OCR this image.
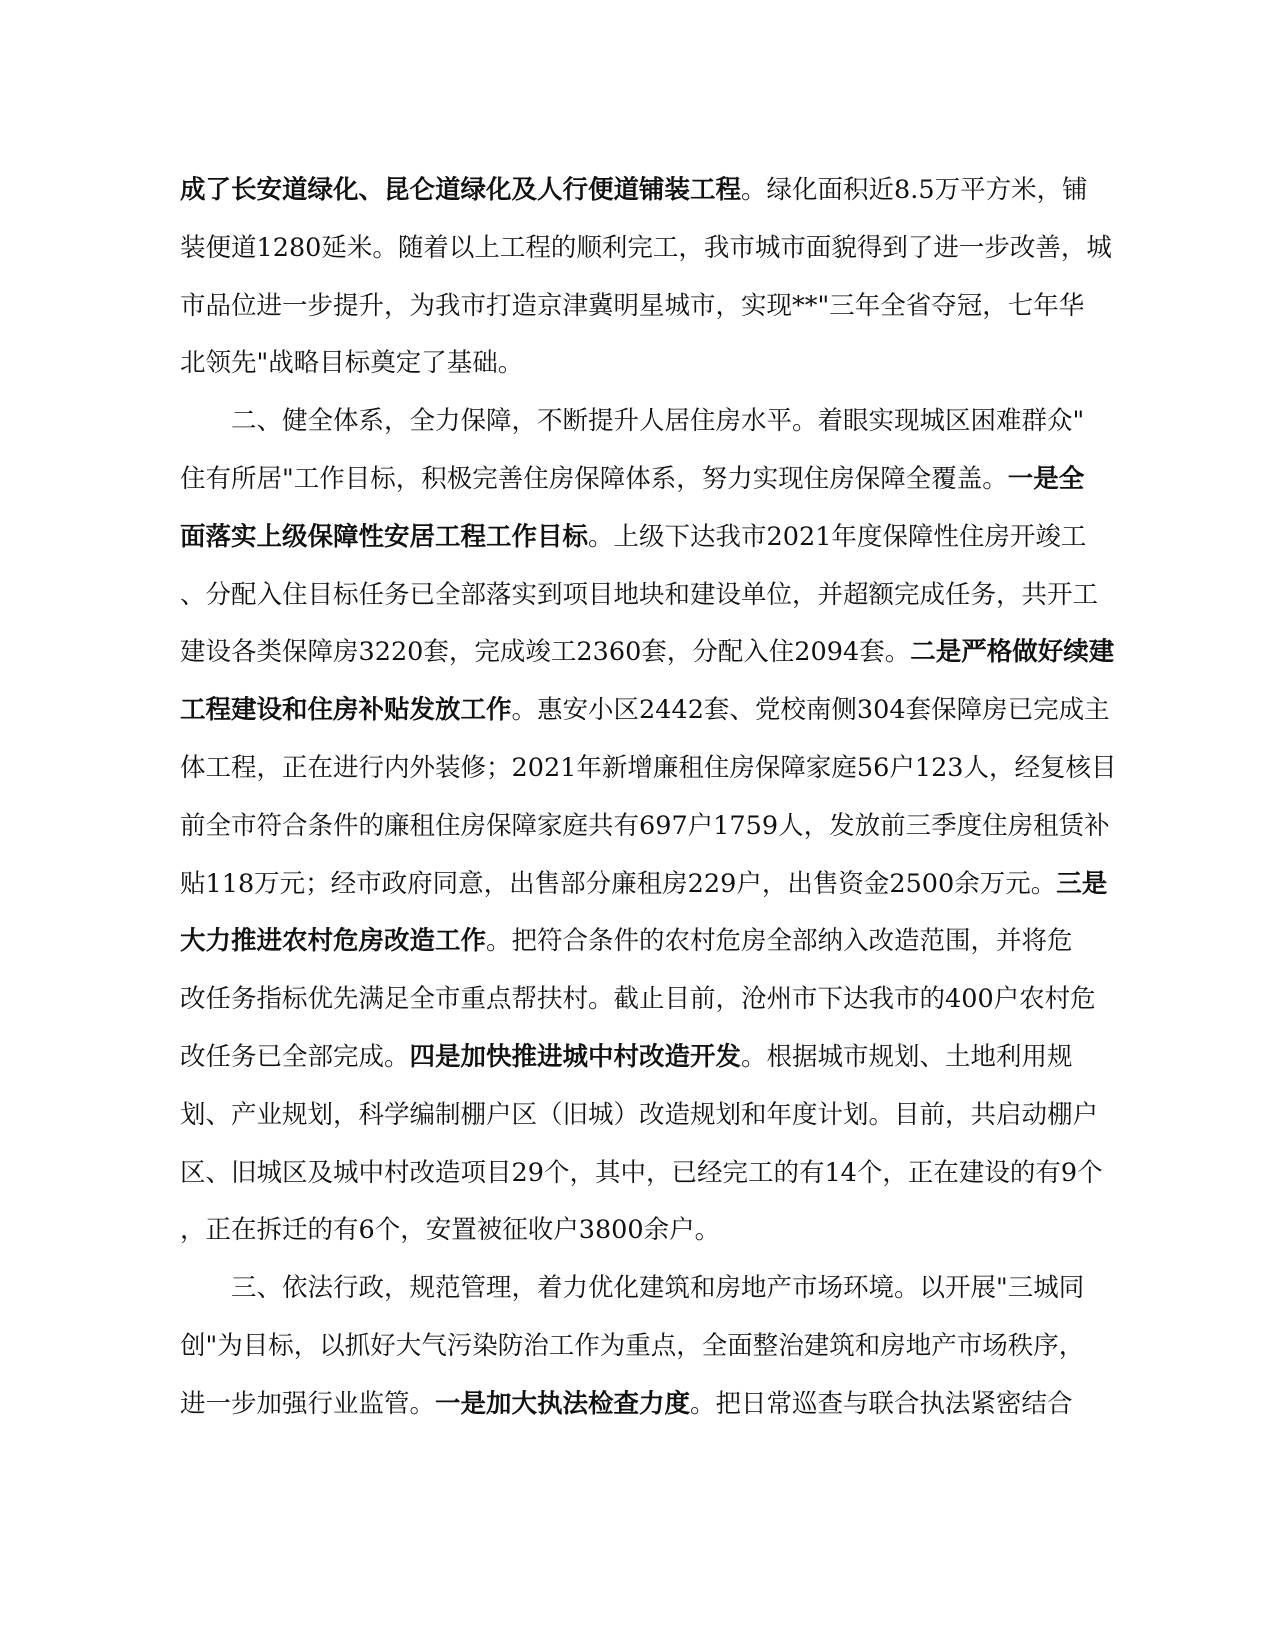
成了长安道绿化、昆仑道绿化及人行便道铺装工程。绿化面积近8.5万平方米，铺
装便道1280延米。随着以上工程的顺利完工，我市城市面貌得到了进一步改善，城
市品位进一步提升，为我市打造京津冀明星城市，实现**"三年全省夺冠，七年华
北领先"战略目标奠定了基础。
二、健全体系，全力保障，不断提升人居住房水平。着眼实现城区困难群众"
住有所居"工作目标，积极完善住房保障体系，努力实现住房保障全覆盖。一是全
面落实上级保障性安居工程工作目标。上级下达我市2021年度保障性住房开竣工
、分配入住目标任务已全部落实到项目地块和建设单位，并超额完成任务，共开工
建设各类保障房3220套，完成竣工2360套，分配入住2094套。二是严格做好续建
工程建设和住房补贴发放工作。惠安小区2442套、党校南侧304套保障房已完成主
体工程，正在进行内外装修；2021年新增廉租住房保障家庭56户123人，经复核目
前全市符合条件的廉租住房保障家庭共有697户1759人，发放前三季度住房租赁补
贴118万元；经市政府同意，出售部分廉租房229户，出售资金2500余万元。三是
大力推进农村危房改造工作。把符合条件的农村危房全部纳入改造范围，并将危
改任务指标优先满足全市重点帮扶村。截止目前，沧州市下达我市的400户农村危
改任务已全部完成。四是加快推进城中村改造开发。根据城市规划、土地利用规
划、产业规划，科学编制棚户区（旧城）改造规划和年度计划。目前，共启动棚户
区、旧城区及城中村改造项目29个，其中，已经完工的有14个，正在建设的有9个
，正在拆迁的有6个，安置被征收户3800余户。
三、依法行政，规范管理，着力优化建筑和房地产市场环境。以开展"三城同
创"为目标，以抓好大气污染防治工作为重点，全面整治建筑和房地产市场秩序，
进一步加强行业监管。一是加大执法检查力度。把日常巡查与联合执法紧密结合
